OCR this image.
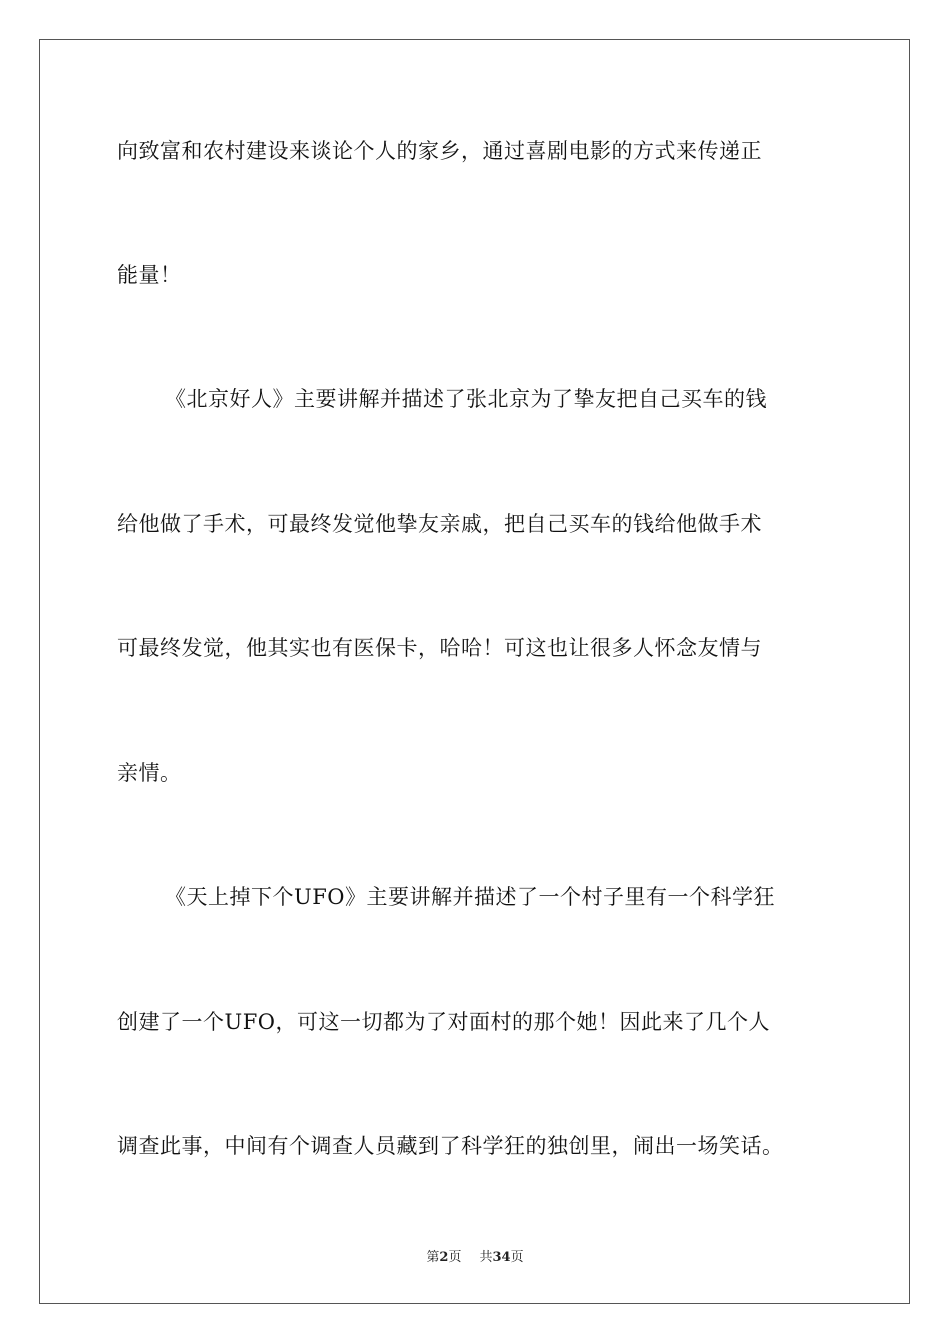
向致富和农村建设来谈论个人的家乡，通过喜剧电影的方式来传递正
能量！
《北京好人》主要讲解并描述了张北京为了挚友把自己买车的钱
给他做了手术，可最终发觉他挚友亲戚，把自己买车的钱给他做手术
可最终发觉，他其实也有医保卡，哈哈！可这也让很多人怀念友情与
亲情。
《天上掉下个UFO》主要讲解并描述了一个村子里有一个科学狂
创建了一个UFO，可这一切都为了对面村的那个她！因此来了几个人
调查此事，中间有个调查人员藏到了科学狂的独创里，闹出一场笑话。
第2页 共34页
